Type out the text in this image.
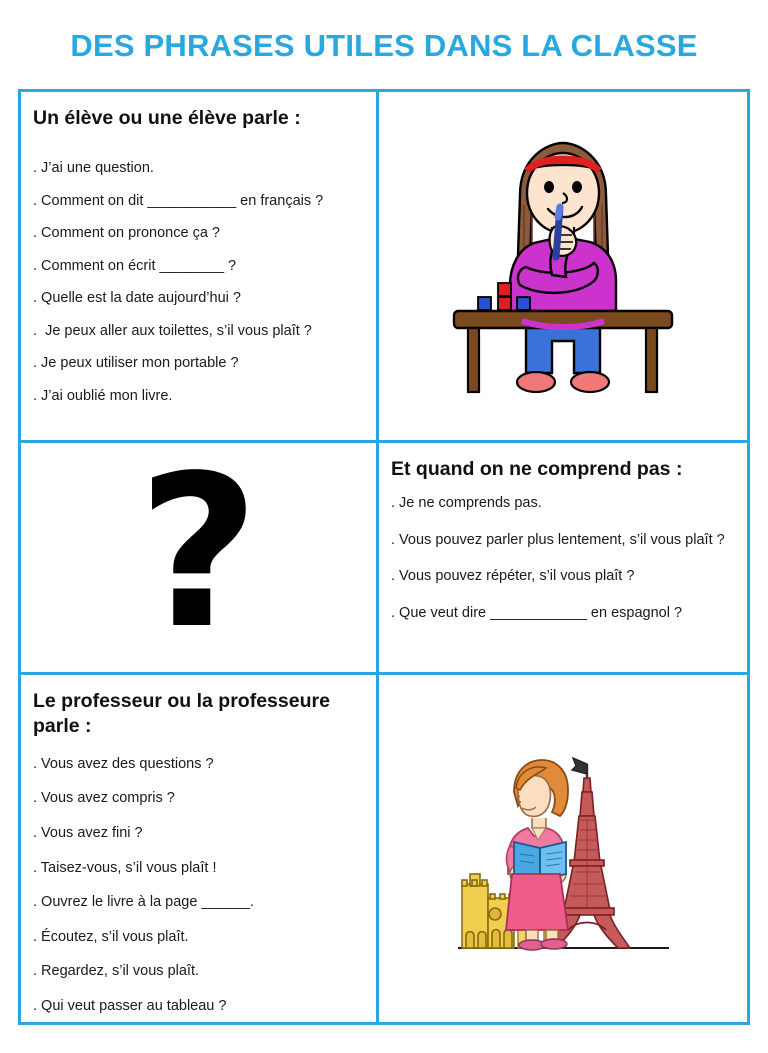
DES PHRASES UTILES DANS LA CLASSE
Un élève ou une élève parle :
. J’ai une question.
. Comment on dit ___________ en français ?
. Comment on prononce ça ?
. Comment on écrit ________ ?
. Quelle est la date aujourd’hui ?
.  Je peux aller aux toilettes, s’il vous plaît ?
. Je peux utiliser mon portable ?
. J’ai oublié mon livre.
?	Et quand on ne comprend pas :
. Je ne comprends pas.
. Vous pouvez parler plus lentement, s’il vous plaît ?
. Vous pouvez répéter, s’il vous plaît ?
. Que veut dire ____________ en espagnol ?
Le professeur ou la professeure parle :
. Vous avez des questions ?
. Vous avez compris ?
. Vous avez fini ?
. Taisez-vous, s’il vous plaît !
. Ouvrez le livre à la page ______.
. Écoutez, s’il vous plaît.
. Regardez, s’il vous plaît.
. Qui veut passer au tableau ?
